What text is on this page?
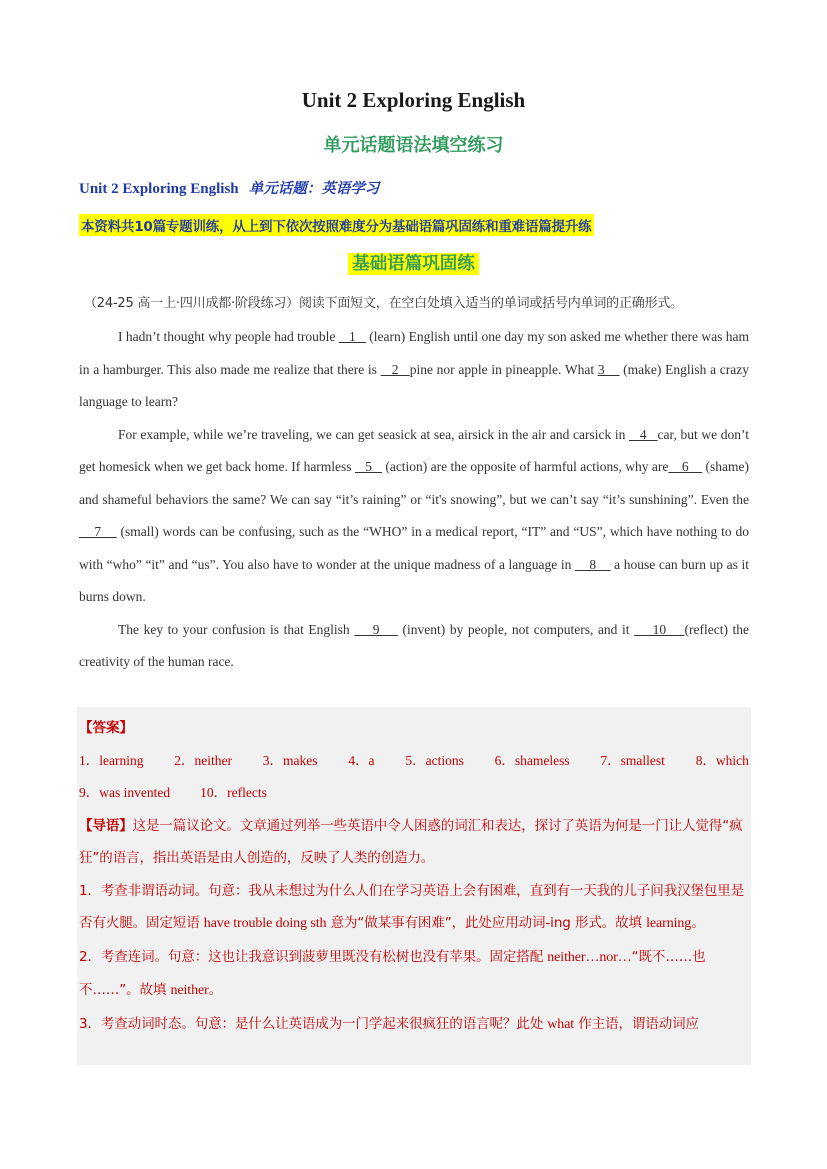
Unit 2 Exploring English
单元话题语法填空练习
Unit 2 Exploring English 单元话题：英语学习
本资料共10篇专题训练，从上到下依次按照难度分为基础语篇巩固练和重难语篇提升练
基础语篇巩固练
（24-25 高一上·四川成都·阶段练习）阅读下面短文，在空白处填入适当的单词或括号内单词的正确形式。

I hadn’t thought why people had trouble    1    (learn) English until one day my son asked me whether there was ham in a hamburger. This also made me realize that there is    2   pine nor apple in pineapple. What 3     (make) English a crazy language to learn?

For example, while we’re traveling, we can get seasick at sea, airsick in the air and carsick in    4   car, but we don’t get homesick when we get back home. If harmless    5    (action) are the opposite of harmful actions, why are    6     (shame) and shameful behaviors the same? We can say “it’s raining” or “it's snowing”, but we can’t say “it’s sunshining”. Even the     7     (small) words can be confusing, such as the “WHO” in a medical report, “IT” and “US”, which have nothing to do with “who” “it” and “us”. You also have to wonder at the unique madness of a language in     8     a house can burn up as it burns down.

The key to your confusion is that English     9     (invent) by people, not computers, and it     10    (reflect) the creativity of the human race.

【答案】
1．learning 2．neither 3．makes 4．a 5．actions 6．shameless 7．smallest 8．which
9．was invented 10．reflects
【导语】这是一篇议论文。文章通过列举一些英语中令人困惑的词汇和表达，探讨了英语为何是一门让人觉得“疯狂”的语言，指出英语是由人创造的，反映了人类的创造力。
1．考查非谓语动词。句意：我从未想过为什么人们在学习英语上会有困难，直到有一天我的儿子问我汉堡包里是否有火腿。固定短语 have trouble doing sth 意为“做某事有困难”，此处应用动词-ing 形式。故填 learning。
2．考查连词。句意：这也让我意识到菠萝里既没有松树也没有苹果。固定搭配 neither…nor…“既不……也不……”。故填 neither。
3．考查动词时态。句意：是什么让英语成为一门学起来很疯狂的语言呢？此处 what 作主语，谓语动词应
